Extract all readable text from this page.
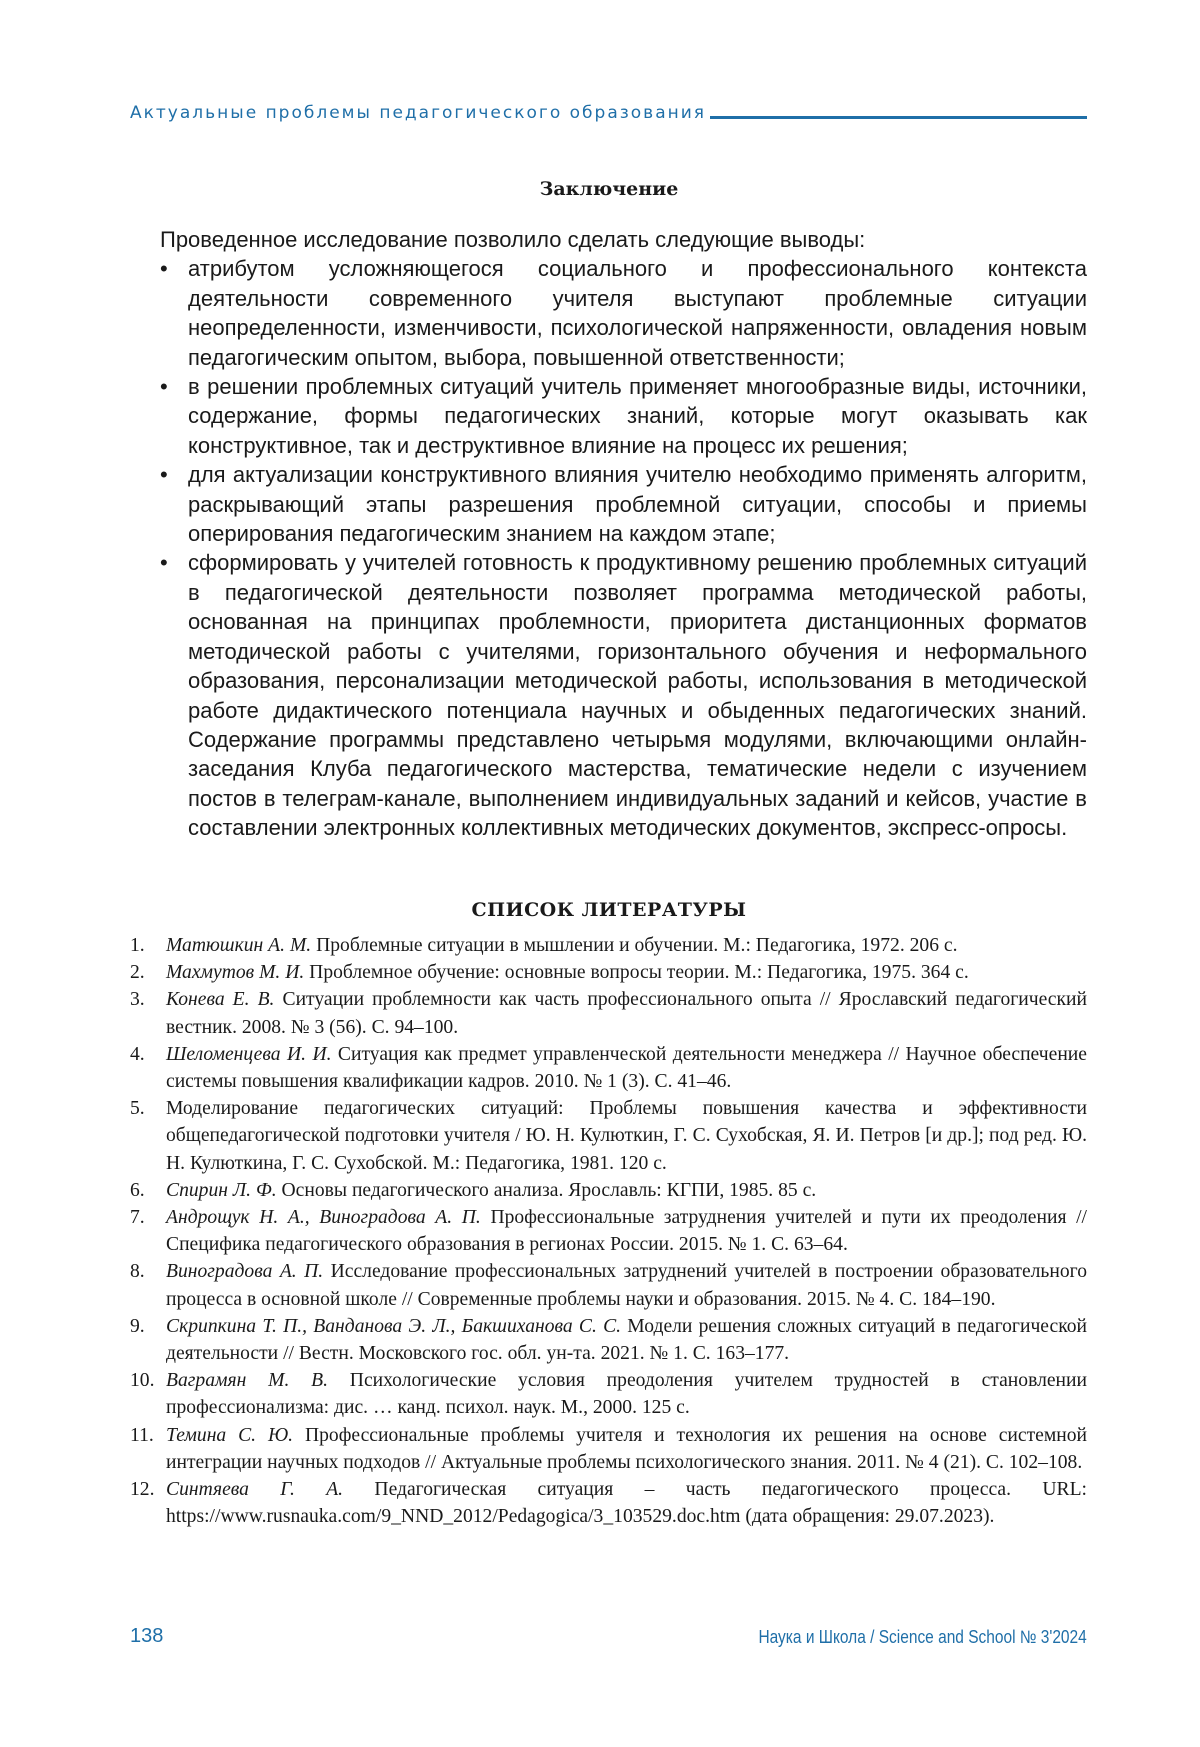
Актуальные проблемы педагогического образования
Заключение

Проведенное исследование позволило сделать следующие выводы:

• атрибутом усложняющегося социального и профессионального контекста деятельности современного учителя выступают проблемные ситуации неопределенности, изменчивости, психологической напряженности, овладения новым педагогическим опытом, выбора, повышенной ответственности;
• в решении проблемных ситуаций учитель применяет многообразные виды, источники, содержание, формы педагогических знаний, которые могут оказывать как конструктивное, так и деструктивное влияние на процесс их решения;
• для актуализации конструктивного влияния учителю необходимо применять алгоритм, раскрывающий этапы разрешения проблемной ситуации, способы и приемы оперирования педагогическим знанием на каждом этапе;
• сформировать у учителей готовность к продуктивному решению проблемных ситуаций в педагогической деятельности позволяет программа методической работы, основанная на принципах проблемности, приоритета дистанционных форматов методической работы с учителями, горизонтального обучения и неформального образования, персонализации методической работы, использования в методической работе дидактического потенциала научных и обыденных педагогических знаний. Содержание программы представлено четырьмя модулями, включающими онлайн-заседания Клуба педагогического мастерства, тематические недели с изучением постов в телеграм-канале, выполнением индивидуальных заданий и кейсов, участие в составлении электронных коллективных методических документов, экспресс-опросы.
СПИСОК ЛИТЕРАТУРЫ
1. Матюшкин А. М. Проблемные ситуации в мышлении и обучении. М.: Педагогика, 1972. 206 с.
2. Махмутов М. И. Проблемное обучение: основные вопросы теории. М.: Педагогика, 1975. 364 с.
3. Конева Е. В. Ситуации проблемности как часть профессионального опыта // Ярославский педагогический вестник. 2008. № 3 (56). С. 94–100.
4. Шеломенцева И. И. Ситуация как предмет управленческой деятельности менеджера // Научное обеспечение системы повышения квалификации кадров. 2010. № 1 (3). С. 41–46.
5. Моделирование педагогических ситуаций: Проблемы повышения качества и эффективности общепедагогической подготовки учителя / Ю. Н. Кулюткин, Г. С. Сухобская, Я. И. Петров [и др.]; под ред. Ю. Н. Кулюткина, Г. С. Сухобской. М.: Педагогика, 1981. 120 с.
6. Спирин Л. Ф. Основы педагогического анализа. Ярославль: КГПИ, 1985. 85 с.
7. Андрощук Н. А., Виноградова А. П. Профессиональные затруднения учителей и пути их преодоления // Специфика педагогического образования в регионах России. 2015. № 1. С. 63–64.
8. Виноградова А. П. Исследование профессиональных затруднений учителей в построении образовательного процесса в основной школе // Современные проблемы науки и образования. 2015. № 4. С. 184–190.
9. Скрипкина Т. П., Ванданова Э. Л., Бакшиханова С. С. Модели решения сложных ситуаций в педагогической деятельности // Вестн. Московского гос. обл. ун-та. 2021. № 1. С. 163–177.
10. Ваграмян М. В. Психологические условия преодоления учителем трудностей в становлении профессионализма: дис. … канд. психол. наук. М., 2000. 125 с.
11. Темина С. Ю. Профессиональные проблемы учителя и технология их решения на основе системной интеграции научных подходов // Актуальные проблемы психологического знания. 2011. № 4 (21). С. 102–108.
12. Синтяева Г. А. Педагогическая ситуация – часть педагогического процесса. URL: https://www.rusnauka.com/9_NND_2012/Pedagogica/3_103529.doc.htm (дата обращения: 29.07.2023).
138	Наука и Школа / Science and School № 3'2024
